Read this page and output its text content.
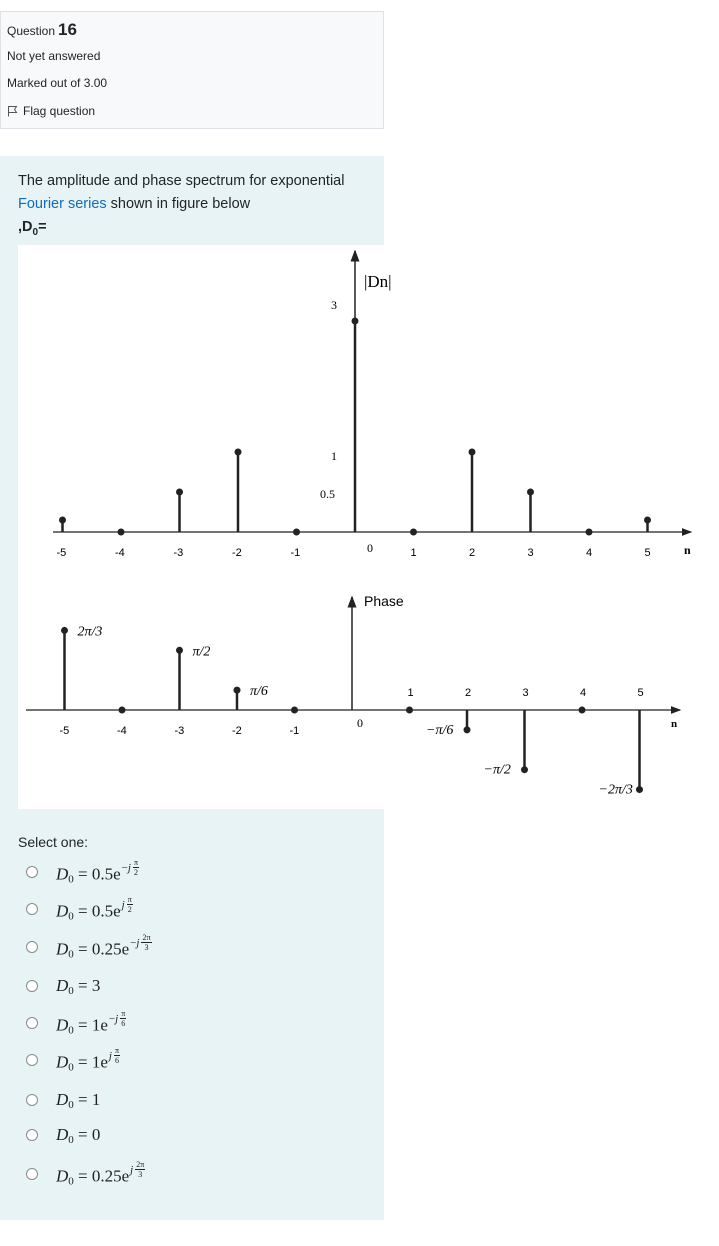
Question 16
Not yet answered
Marked out of 3.00
Flag question
The amplitude and phase spectrum for exponential Fourier series shown in figure below
$,D_0=$
|Dn|
3
1
0.5
n
-5	-4	-3	-2	-1	0	1	2	3	4	5
Phase
0	n
2π/3
-5	-4
π/2
-3
π/6
-2	-1
1
−π/6
2
−π/2
3	4
−2π/3
5
Select one:
$D_0 = 0.5e- j \frac{\pi}{2}$
$D_0 = 0.5e$ j $\frac{\pi}{2}$
$D_0 = 0.25e- j \frac{2\pi}{3}$
$D_0 = 3$
$D_0 = 1e- j \frac{\pi}{6}$
$D_0 = 1e$ j $\frac{\pi}{6}$
$D_0 = 1$
$D_0 = 0$
$D_0 = 0.25e$ j $\frac{2\pi}{3}$
